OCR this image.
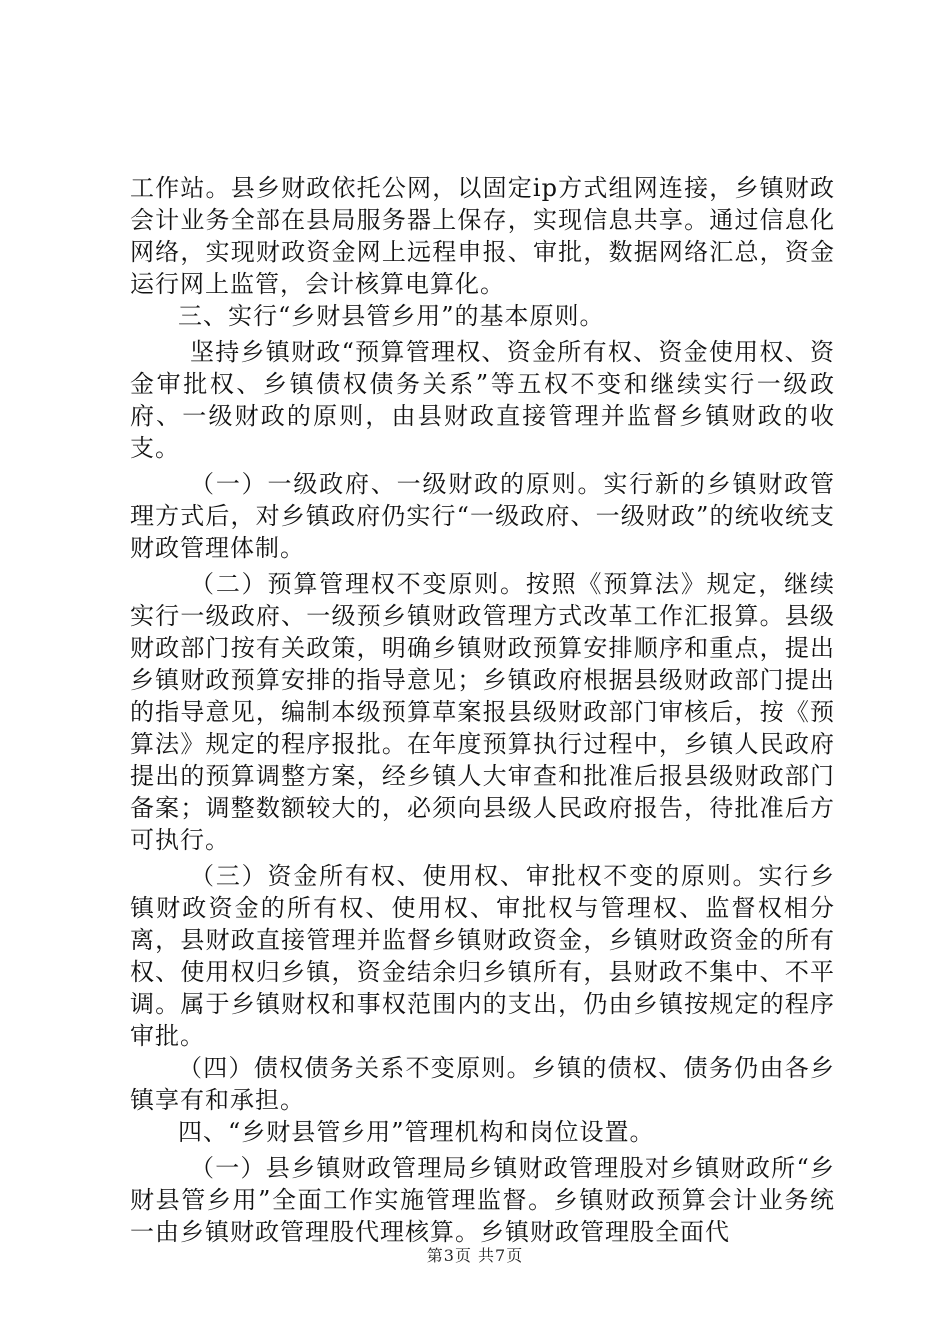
工作站。县乡财政依托公网，以固定ip方式组网连接，乡镇财政会计业务全部在县局服务器上保存，实现信息共享。通过信息化网络，实现财政资金网上远程申报、审批，数据网络汇总，资金运行网上监管，会计核算电算化。

三、实行“乡财县管乡用”的基本原则。

坚持乡镇财政“预算管理权、资金所有权、资金使用权、资金审批权、乡镇债权债务关系”等五权不变和继续实行一级政府、一级财政的原则，由县财政直接管理并监督乡镇财政的收支。

（一）一级政府、一级财政的原则。实行新的乡镇财政管理方式后，对乡镇政府仍实行“一级政府、一级财政”的统收统支财政管理体制。

（二）预算管理权不变原则。按照《预算法》规定，继续实行一级政府、一级预乡镇财政管理方式改革工作汇报算。县级财政部门按有关政策，明确乡镇财政预算安排顺序和重点，提出乡镇财政预算安排的指导意见；乡镇政府根据县级财政部门提出的指导意见，编制本级预算草案报县级财政部门审核后，按《预算法》规定的程序报批。在年度预算执行过程中，乡镇人民政府提出的预算调整方案，经乡镇人大审查和批准后报县级财政部门备案；调整数额较大的，必须向县级人民政府报告，待批准后方可执行。

（三）资金所有权、使用权、审批权不变的原则。实行乡镇财政资金的所有权、使用权、审批权与管理权、监督权相分离，县财政直接管理并监督乡镇财政资金，乡镇财政资金的所有权、使用权归乡镇，资金结余归乡镇所有，县财政不集中、不平调。属于乡镇财权和事权范围内的支出，仍由乡镇按规定的程序审批。

（四）债权债务关系不变原则。乡镇的债权、债务仍由各乡镇享有和承担。

四、“乡财县管乡用”管理机构和岗位设置。

（一）县乡镇财政管理局乡镇财政管理股对乡镇财政所“乡财县管乡用”全面工作实施管理监督。乡镇财政预算会计业务统一由乡镇财政管理股代理核算。乡镇财政管理股全面代

第3页 共7页
